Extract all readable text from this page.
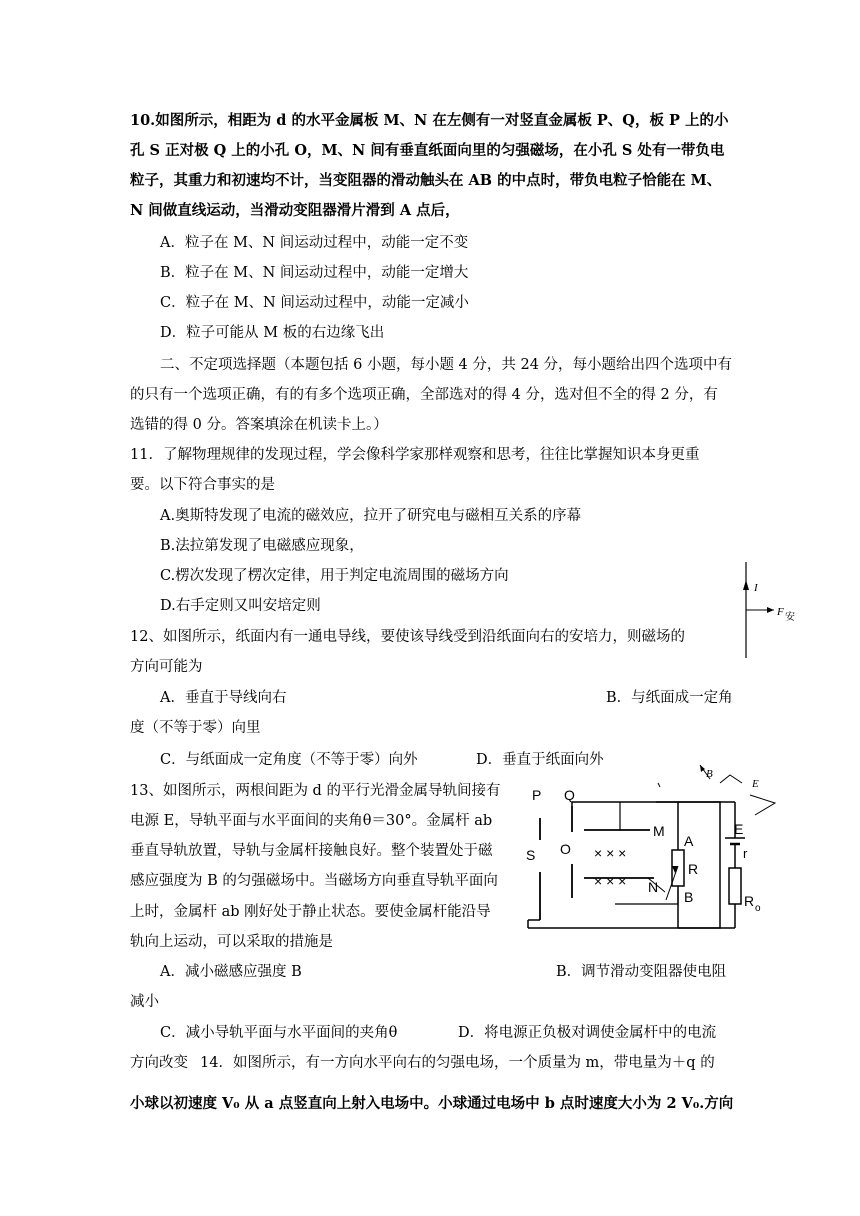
10.如图所示，相距为 d 的水平金属板 M、N 在左侧有一对竖直金属板 P、Q，板 P 上的小
孔 S 正对极 Q 上的小孔 O，M、N 间有垂直纸面向里的匀强磁场，在小孔 S 处有一带负电
粒子，其重力和初速均不计，当变阻器的滑动触头在 AB 的中点时，带负电粒子恰能在 M、
N 间做直线运动，当滑动变阻器滑片滑到 A 点后，
A．粒子在 M、N 间运动过程中，动能一定不变
B．粒子在 M、N 间运动过程中，动能一定增大
C．粒子在 M、N 间运动过程中，动能一定减小
D．粒子可能从 M 板的右边缘飞出
二、不定项选择题（本题包括 6 小题，每小题 4 分，共 24 分，每小题给出四个选项中有
的只有一个选项正确，有的有多个选项正确，全部选对的得 4 分，选对但不全的得 2 分，有
选错的得 0 分。答案填涂在机读卡上。）
11．了解物理规律的发现过程，学会像科学家那样观察和思考，往往比掌握知识本身更重
要。以下符合事实的是
A.奥斯特发现了电流的磁效应，拉开了研究电与磁相互关系的序幕
B.法拉第发现了电磁感应现象，
C.楞次发现了楞次定律，用于判定电流周围的磁场方向
D.右手定则又叫安培定则
12、如图所示，纸面内有一通电导线，要使该导线受到沿纸面向右的安培力，则磁场的
方向可能为
A．垂直于导线向右	B．与纸面成一定角
度（不等于零）向里
C．与纸面成一定角度（不等于零）向外	D．垂直于纸面向外
I
F 安
13、如图所示，两根间距为 d 的平行光滑金属导轨间接有
电源 E，导轨平面与水平面间的夹角θ＝30°。金属杆 ab
垂直导轨放置，导轨与金属杆接触良好。整个装置处于磁
感应强度为 B 的匀强磁场中。当磁场方向垂直导轨平面向
上时，金属杆 ab 刚好处于静止状态。要使金属杆能沿导
轨向上运动，可以采取的措施是
A．减小磁感应强度 B	B．调节滑动变阻器使电阻
减小
C．减小导轨平面与水平面间的夹角θ	D．将电源正负极对调使金属杆中的电流
方向改变 14．如图所示，有一方向水平向右的匀强电场，一个质量为 m，带电量为＋q 的
小球以初速度 V₀ 从 a 点竖直向上射入电场中。小球通过电场中 b 点时速度大小为 2 V₀.方向
B
E
P Q
S O
M
N
A
B
R
E
r
R o
× × ×
× × ×
